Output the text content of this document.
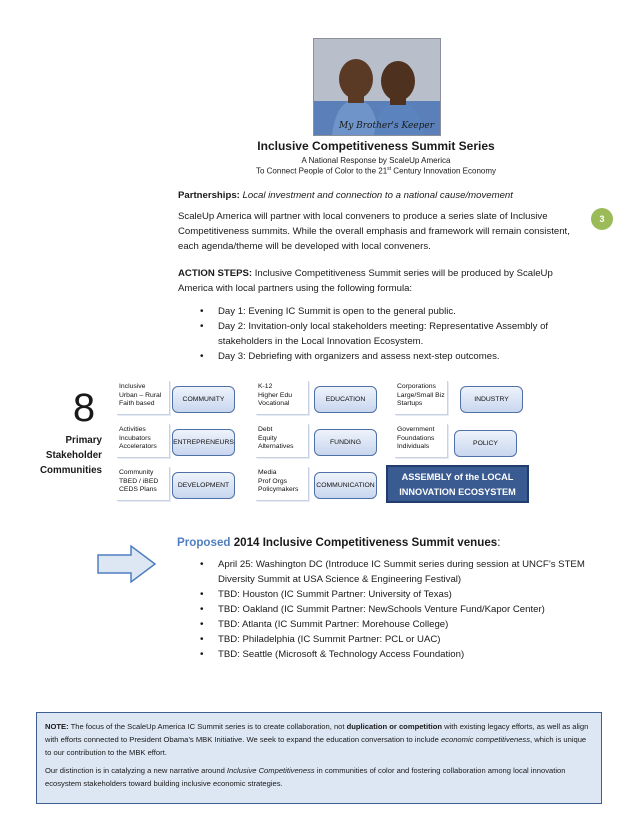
My Brother's Keeper
Inclusive Competitiveness Summit Series
A National Response by ScaleUp America
To Connect People of Color to the 21st Century Innovation Economy
3
Partnerships: Local investment and connection to a national cause/movement
ScaleUp America will partner with local conveners to produce a series slate of Inclusive Competitiveness summits. While the overall emphasis and framework will remain consistent, each agenda/theme will be developed with local conveners.
ACTION STEPS: Inclusive Competitiveness Summit series will be produced by ScaleUp America with local partners using the following formula:
• Day 1: Evening IC Summit is open to the general public.
• Day 2: Invitation-only local stakeholders meeting: Representative Assembly of stakeholders in the Local Innovation Ecosystem.
• Day 3: Debriefing with organizers and assess next-step outcomes.
8
Primary
Stakeholder
Communities
Inclusive
Urban – Rural
Faith based
COMMUNITY
K-12
Higher Edu
Vocational
EDUCATION
Corporations
Large/Small Biz
Startups
INDUSTRY
Activities
Incubators
Accelerators
ENTREPRENEURS
Debt
Equity
Alternatives
FUNDING
Government
Foundations
Individuals	POLICY
Community
TBED / iBED
CEDS Plans
DEVELOPMENT
Media
Prof Orgs
Policymakers
COMMUNICATION
ASSEMBLY of the LOCAL
INNOVATION ECOSYSTEM
Proposed 2014 Inclusive Competitiveness Summit venues:
• April 25: Washington DC (Introduce IC Summit series during session at UNCF’s STEM Diversity Summit at USA Science & Engineering Festival)
• TBD: Houston (IC Summit Partner: University of Texas)
• TBD: Oakland (IC Summit Partner: NewSchools Venture Fund/Kapor Center)
• TBD: Atlanta (IC Summit Partner: Morehouse College)
• TBD: Philadelphia (IC Summit Partner: PCL or UAC)
• TBD: Seattle (Microsoft & Technology Access Foundation)

NOTE: The focus of the ScaleUp America IC Summit series is to create collaboration, not duplication or competition with existing legacy efforts, as well as align with efforts connected to President Obama’s MBK Initiative. We seek to expand the education conversation to include economic competitiveness, which is unique to our contribution to the MBK effort.

Our distinction is in catalyzing a new narrative around Inclusive Competitiveness in communities of color and fostering collaboration among local innovation ecosystem stakeholders toward building inclusive economic strategies.
